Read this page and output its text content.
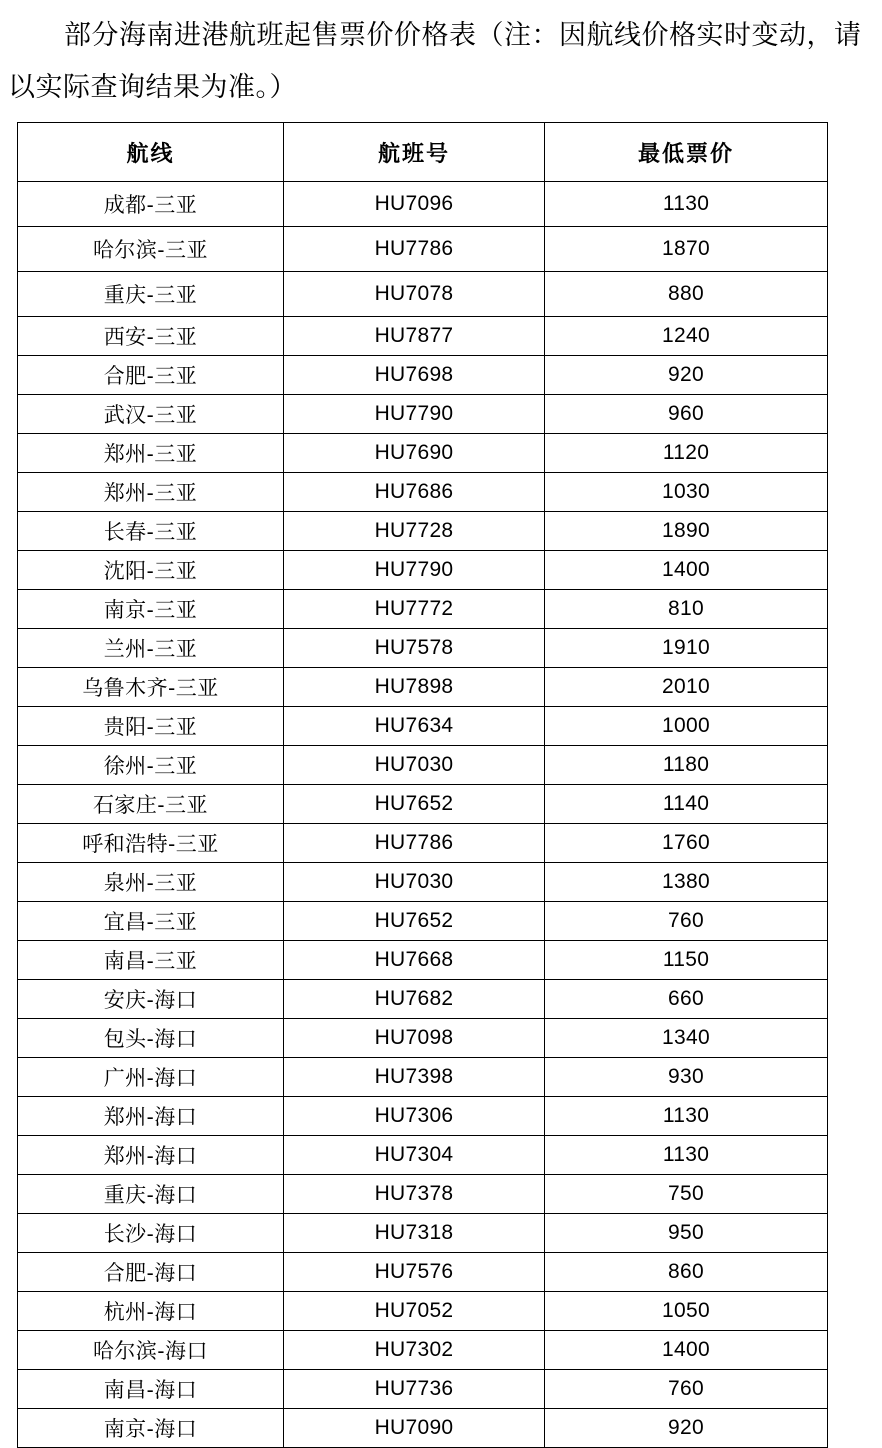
部分海南进港航班起售票价价格表（注：因航线价格实时变动，请以实际查询结果为准。）
航线	航班号	最低票价
成都-三亚	HU7096	1130
哈尔滨-三亚	HU7786	1870
重庆-三亚	HU7078	880
西安-三亚	HU7877	1240
合肥-三亚	HU7698	920
武汉-三亚	HU7790	960
郑州-三亚	HU7690	1120
郑州-三亚	HU7686	1030
长春-三亚	HU7728	1890
沈阳-三亚	HU7790	1400
南京-三亚	HU7772	810
兰州-三亚	HU7578	1910
乌鲁木齐-三亚	HU7898	2010
贵阳-三亚	HU7634	1000
徐州-三亚	HU7030	1180
石家庄-三亚	HU7652	1140
呼和浩特-三亚	HU7786	1760
泉州-三亚	HU7030	1380
宜昌-三亚	HU7652	760
南昌-三亚	HU7668	1150
安庆-海口	HU7682	660
包头-海口	HU7098	1340
广州-海口	HU7398	930
郑州-海口	HU7306	1130
郑州-海口	HU7304	1130
重庆-海口	HU7378	750
长沙-海口	HU7318	950
合肥-海口	HU7576	860
杭州-海口	HU7052	1050
哈尔滨-海口	HU7302	1400
南昌-海口	HU7736	760
南京-海口	HU7090	920
